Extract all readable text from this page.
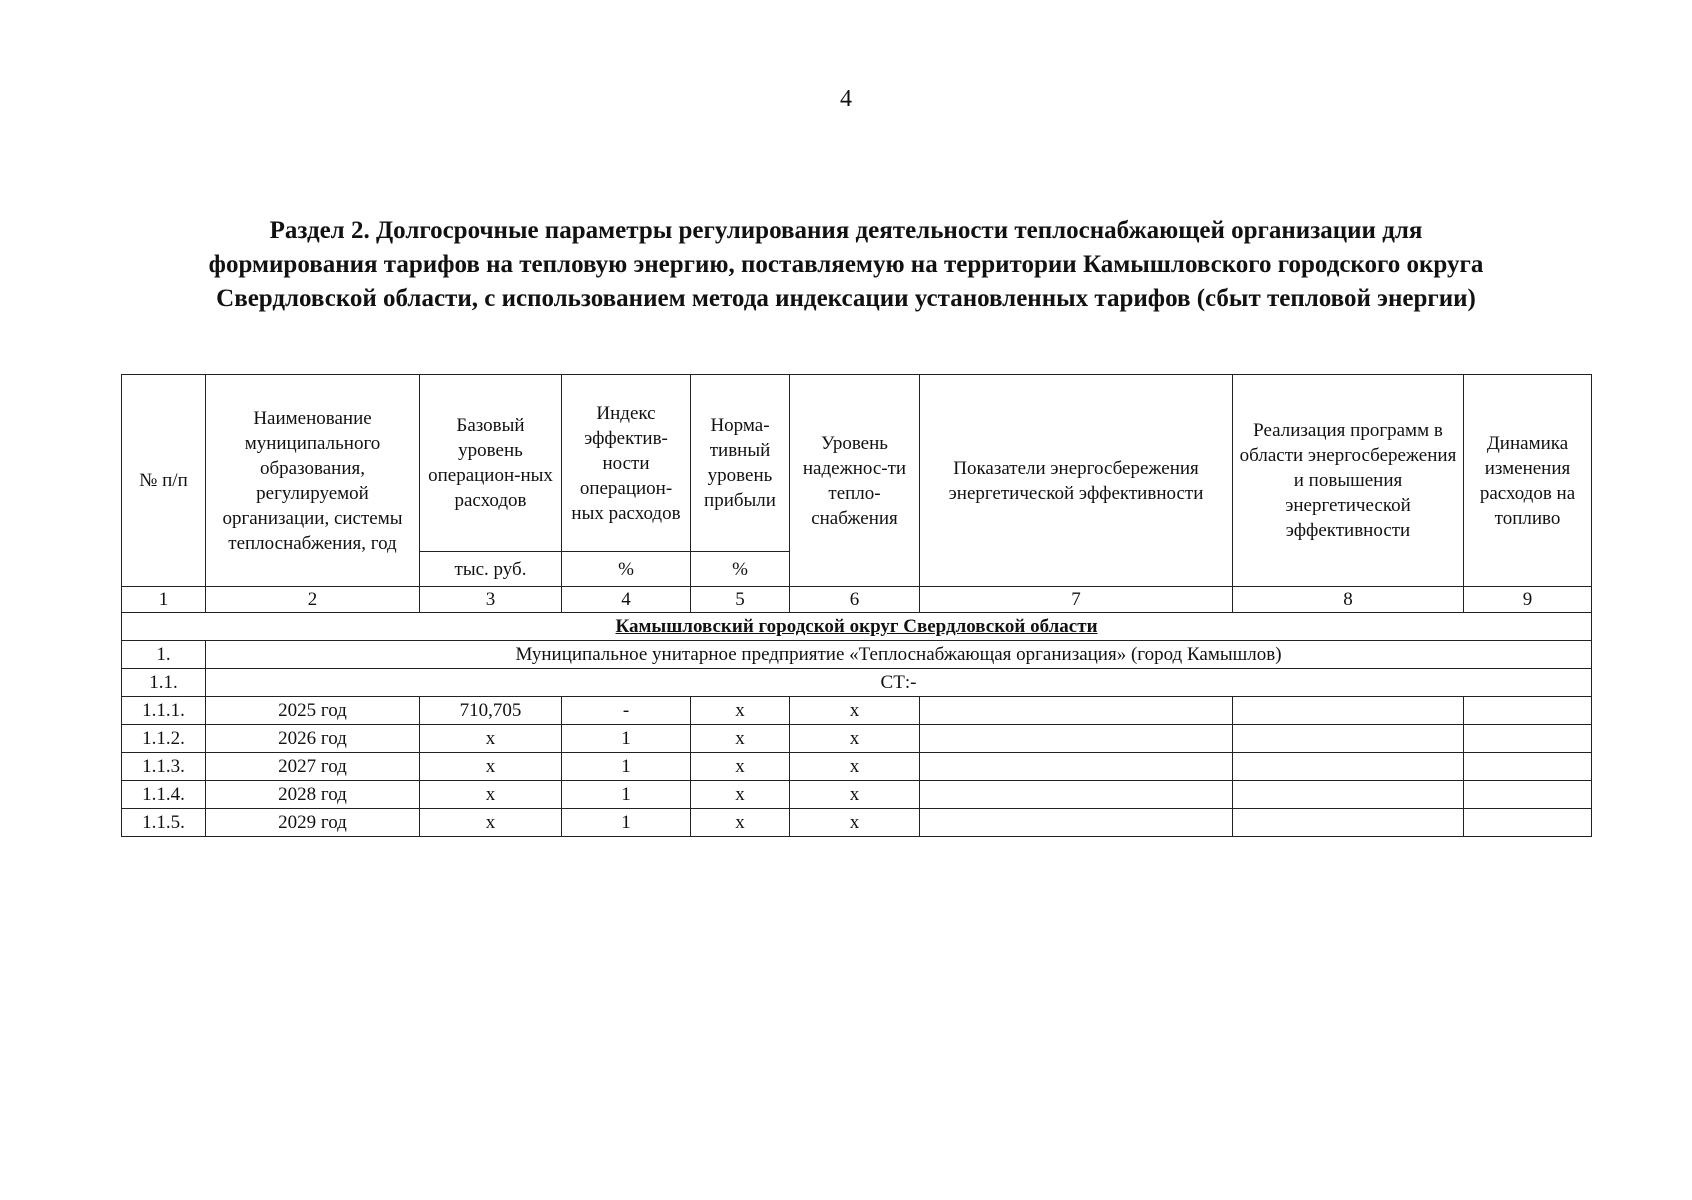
4
Раздел 2. Долгосрочные параметры регулирования деятельности теплоснабжающей организации для
формирования тарифов на тепловую энергию, поставляемую на территории Камышловского городского округа
Свердловской области, с использованием метода индексации установленных тарифов (сбыт тепловой энергии)
№ п/п	Наименование муниципального образования, регулируемой организации, системы теплоснабжения, год	Базовый уровень операцион-ных расходов	Индекс эффектив-ности операцион-ных расходов	Норма-тивный уровень прибыли	Уровень надежнос-ти тепло-снабжения	Показатели энергосбережения энергетической эффективности	Реализация программ в области энергосбережения и повышения энергетической эффективности	Динамика изменения расходов на топливо
		тыс. руб.	%	%				
1	2	3	4	5	6	7	8	9
Камышловский городской округ Свердловской области								
1.	Муниципальное унитарное предприятие «Теплоснабжающая организация» (город Камышлов)							
1.1.	СТ:-							
1.1.1.	2025 год	710,705	-	x	x			
1.1.2.	2026 год	x	1	x	x			
1.1.3.	2027 год	x	1	x	x			
1.1.4.	2028 год	x	1	x	x			
1.1.5.	2029 год	x	1	x	x			
